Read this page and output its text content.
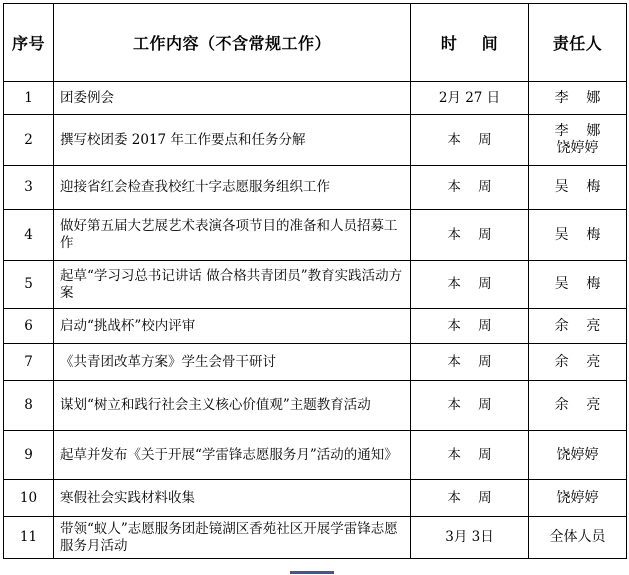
序号	工作内容（不含常规工作）	时    间	责任人
1	团委例会	2月 27 日	李    娜

2	撰写校团委 2017 年工作要点和任务分解	本    周	李    娜
饶婷婷

3	迎接省红会检查我校红十字志愿服务组织工作	本    周	吴    梅

4	做好第五届大艺展艺术表演各项节目的准备和人员招募工作	本    周	吴    梅

5	起草“学习习总书记讲话 做合格共青团员”教育实践活动方案	本    周	吴    梅

6	启动“挑战杯”校内评审	本    周	余    亮

7	《共青团改革方案》学生会骨干研讨	本    周	余    亮

8	谋划“树立和践行社会主义核心价值观”主题教育活动	本    周	余    亮

9	起草并发布《关于开展“学雷锋志愿服务月”活动的通知》	本    周	饶婷婷

10	寒假社会实践材料收集	本    周	饶婷婷

11	带领“蚁人”志愿服务团赴镜湖区香苑社区开展学雷锋志愿服务月活动	3月 3日	全体人员
